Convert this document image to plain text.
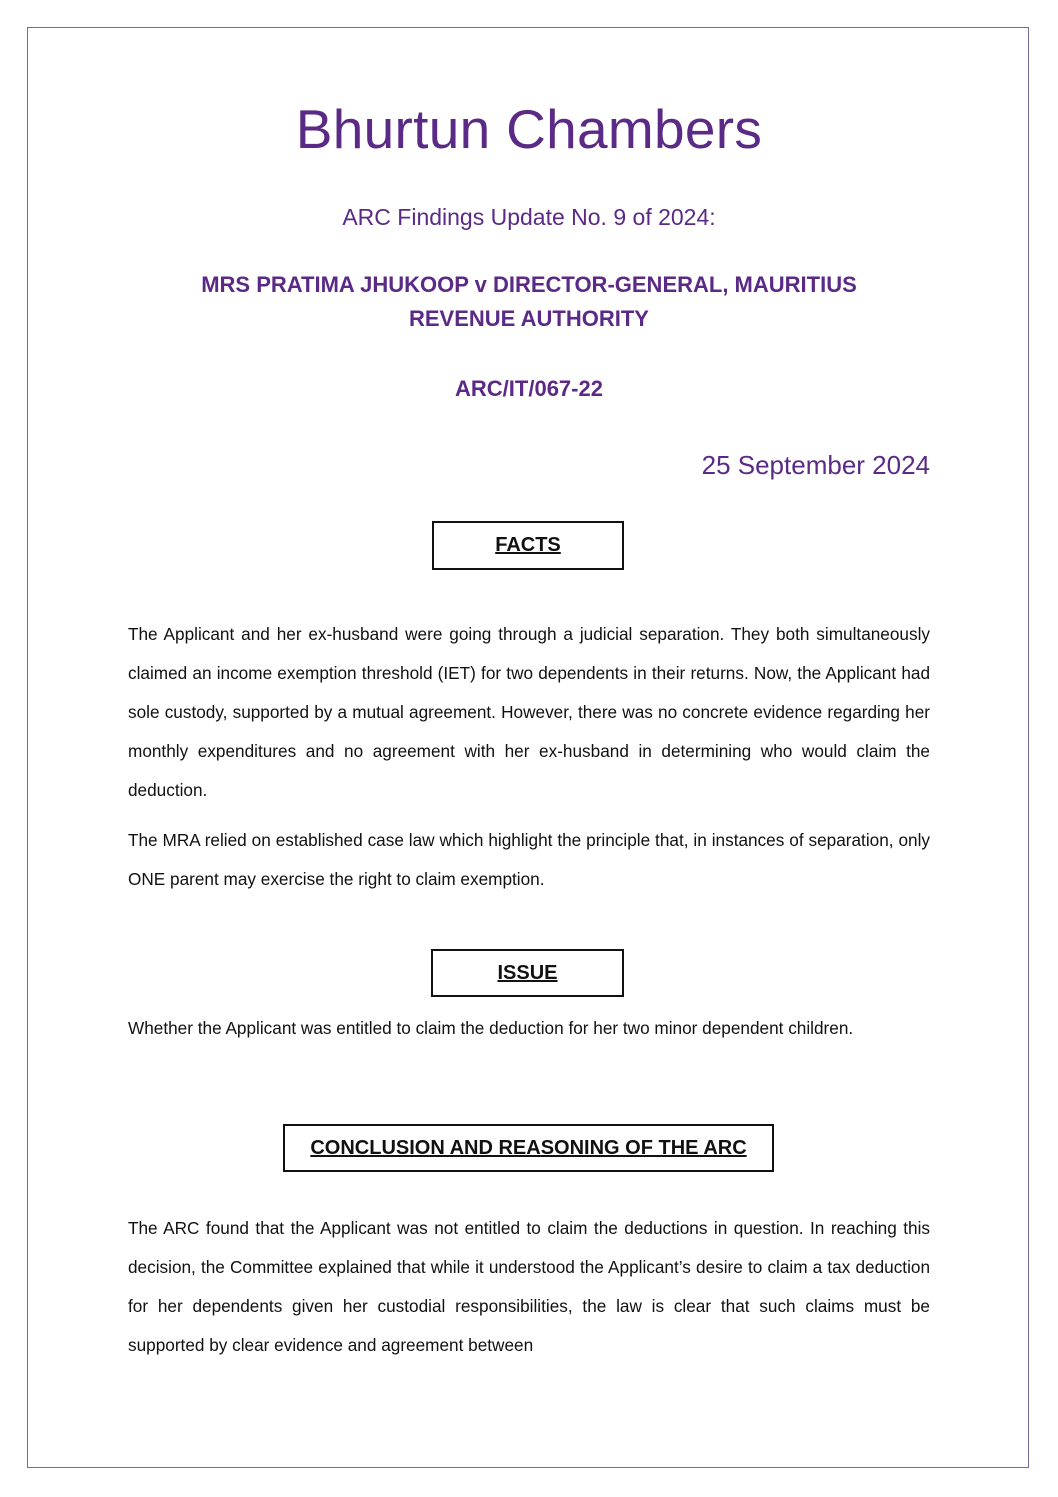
Bhurtun Chambers
ARC Findings Update No. 9 of 2024:
MRS PRATIMA JHUKOOP v DIRECTOR-GENERAL, MAURITIUS REVENUE AUTHORITY
ARC/IT/067-22
25 September 2024
FACTS

The Applicant and her ex-husband were going through a judicial separation. They both simultaneously claimed an income exemption threshold (IET) for two dependents in their returns. Now, the Applicant had sole custody, supported by a mutual agreement. However, there was no concrete evidence regarding her monthly expenditures and no agreement with her ex-husband in determining who would claim the deduction.

The MRA relied on established case law which highlight the principle that, in instances of separation, only ONE parent may exercise the right to claim exemption.

ISSUE

Whether the Applicant was entitled to claim the deduction for her two minor dependent children.

CONCLUSION AND REASONING OF THE ARC

The ARC found that the Applicant was not entitled to claim the deductions in question. In reaching this decision, the Committee explained that while it understood the Applicant’s desire to claim a tax deduction for her dependents given her custodial responsibilities, the law is clear that such claims must be supported by clear evidence and agreement between
